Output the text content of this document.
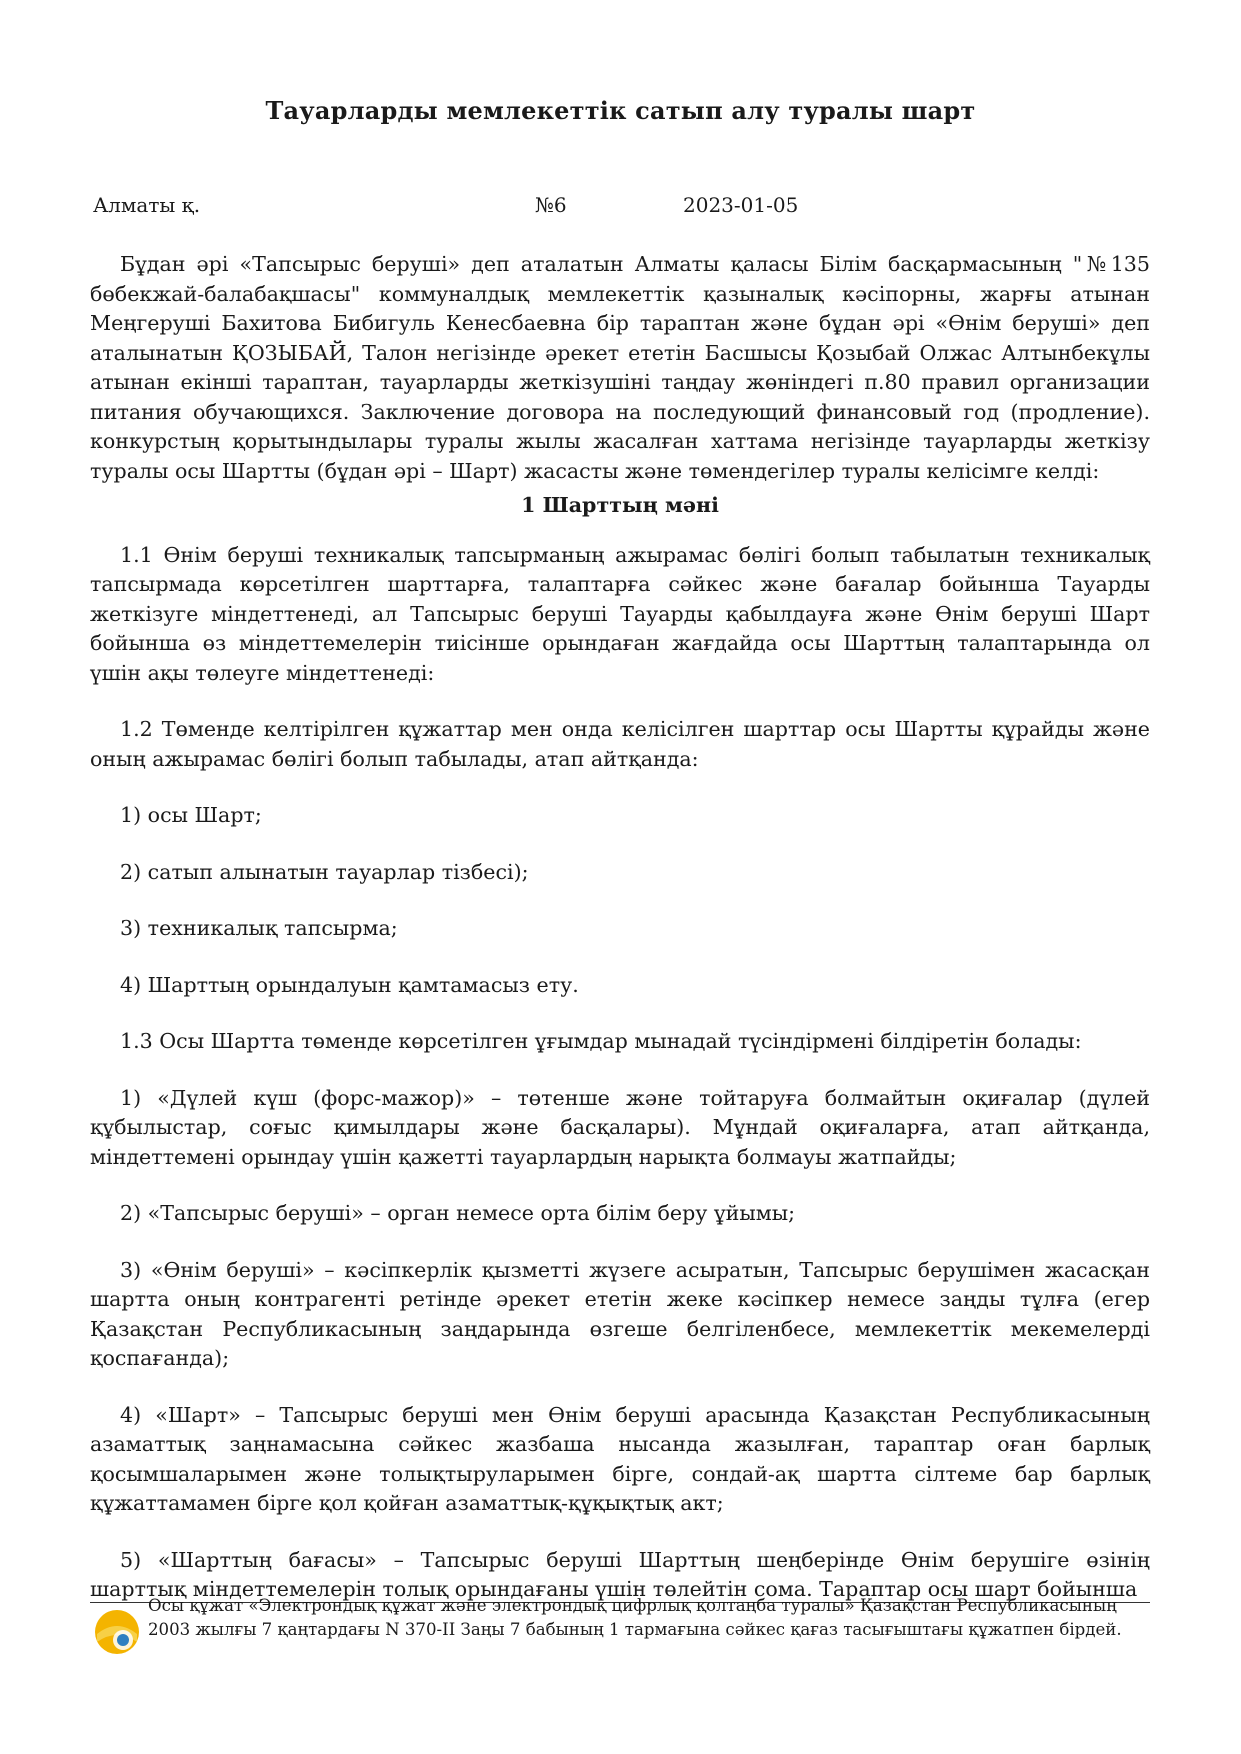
Тауарларды мемлекеттік сатып алу туралы шарт
Алматы қ.	№6	2023-01-05

Бұдан әрі «Тапсырыс беруші» деп аталатын Алматы қаласы Білім басқармасының "№135 бөбекжай-балабақшасы" коммуналдық мемлекеттік қазыналық кәсіпорны, жарғы атынан Меңгеруші Бахитова Бибигуль Кенесбаевна бір тараптан және бұдан әрі «Өнім беруші» деп аталынатын ҚОЗЫБАЙ, Талон негізінде әрекет ететін Басшысы Қозыбай Олжас Алтынбекұлы атынан екінші тараптан, тауарларды жеткізушіні таңдау жөніндегі п.80 правил организации питания обучающихся. Заключение договора на последующий финансовый год (продление). конкурстың қорытындылары туралы жылы жасалған хаттама негізінде тауарларды жеткізу туралы осы Шартты (бұдан әрі – Шарт) жасасты және төмендегілер туралы келісімге келді:

1 Шарттың мәні

1.1 Өнім беруші техникалық тапсырманың ажырамас бөлігі болып табылатын техникалық тапсырмада көрсетілген шарттарға, талаптарға сәйкес және бағалар бойынша Тауарды жеткізуге міндеттенеді, ал Тапсырыс беруші Тауарды қабылдауға және Өнім беруші Шарт бойынша өз міндеттемелерін тиісінше орындаған жағдайда осы Шарттың талаптарында ол үшін ақы төлеуге міндеттенеді:

1.2 Төменде келтірілген құжаттар мен онда келісілген шарттар осы Шартты құрайды және оның ажырамас бөлігі болып табылады, атап айтқанда:

1) осы Шарт;

2) сатып алынатын тауарлар тізбесі);

3) техникалық тапсырма;

4) Шарттың орындалуын қамтамасыз ету.

1.3 Осы Шартта төменде көрсетілген ұғымдар мынадай түсіндірмені білдіретін болады:

1) «Дүлей күш (форс-мажор)» – төтенше және тойтаруға болмайтын оқиғалар (дүлей құбылыстар, соғыс қимылдары және басқалары). Мұндай оқиғаларға, атап айтқанда, міндеттемені орындау үшін қажетті тауарлардың нарықта болмауы жатпайды;

2) «Тапсырыс беруші» – орган немесе орта білім беру ұйымы;

3) «Өнім беруші» – кәсіпкерлік қызметті жүзеге асыратын, Тапсырыс берушімен жасасқан шартта оның контрагенті ретінде әрекет ететін жеке кәсіпкер немесе заңды тұлға (егер Қазақстан Республикасының заңдарында өзгеше белгіленбесе, мемлекеттік мекемелерді қоспағанда);

4) «Шарт» – Тапсырыс беруші мен Өнім беруші арасында Қазақстан Республикасының азаматтық заңнамасына сәйкес жазбаша нысанда жазылған, тараптар оған барлық қосымшаларымен және толықтыруларымен бірге, сондай-ақ шартта сілтеме бар барлық құжаттамамен бірге қол қойған азаматтық-құқықтық акт;

5) «Шарттың бағасы» – Тапсырыс беруші Шарттың шеңберінде Өнім берушіге өзінің шарттық міндеттемелерін толық орындағаны үшін төлейтін сома. Тараптар осы шарт бойынша

Осы құжат «Электрондық құжат және электрондық цифрлық қолтаңба туралы» Қазақстан Республикасының 2003 жылғы 7 қаңтардағы N 370-II Заңы 7 бабының 1 тармағына сәйкес қағаз тасығыштағы құжатпен бірдей.
